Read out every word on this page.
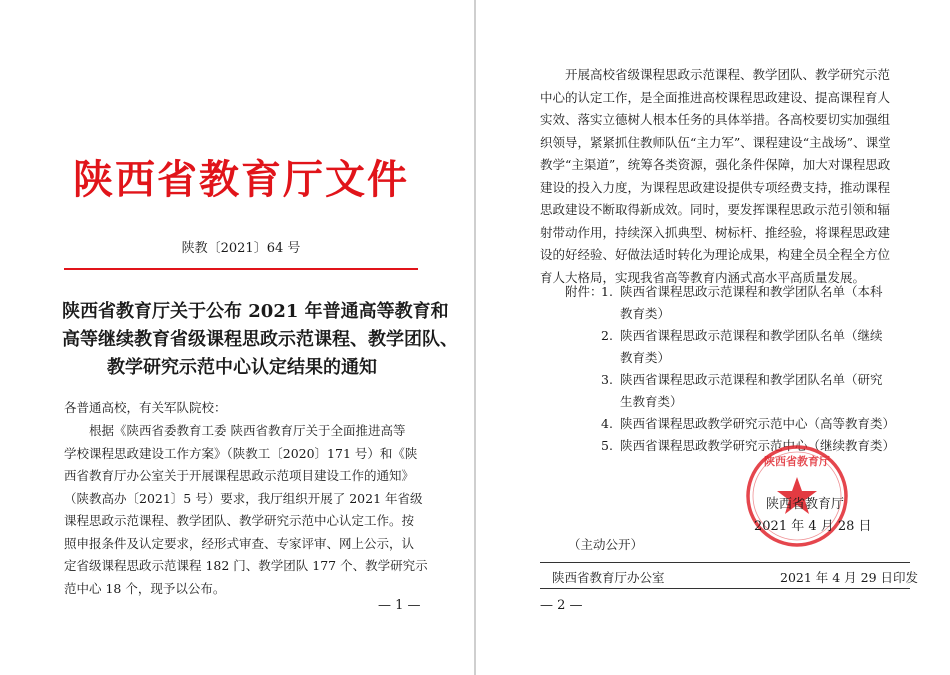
陕西省教育厅文件
陕教〔2021〕64 号
陕西省教育厅关于公布 2021 年普通高等教育和
高等继续教育省级课程思政示范课程、教学团队、
教学研究示范中心认定结果的通知
各普通高校，有关军队院校：
　　根据《陕西省委教育工委 陕西省教育厅关于全面推进高等
学校课程思政建设工作方案》（陕教工〔2020〕171 号）和《陕
西省教育厅办公室关于开展课程思政示范项目建设工作的通知》
（陕教高办〔2021〕5 号）要求，我厅组织开展了 2021 年省级
课程思政示范课程、教学团队、教学研究示范中心认定工作。按
照申报条件及认定要求，经形式审查、专家评审、网上公示，认
定省级课程思政示范课程 182 门、教学团队 177 个、教学研究示
范中心 18 个，现予以公布。
— 1 —
　　开展高校省级课程思政示范课程、教学团队、教学研究示范
中心的认定工作，是全面推进高校课程思政建设、提高课程育人
实效、落实立德树人根本任务的具体举措。各高校要切实加强组
织领导，紧紧抓住教师队伍“主力军”、课程建设“主战场”、课堂
教学“主渠道”，统筹各类资源，强化条件保障，加大对课程思政
建设的投入力度，为课程思政建设提供专项经费支持，推动课程
思政建设不断取得新成效。同时，要发挥课程思政示范引领和辐
射带动作用，持续深入抓典型、树标杆、推经验，将课程思政建
设的好经验、好做法适时转化为理论成果，构建全员全程全方位
育人大格局，实现我省高等教育内涵式高水平高质量发展。
　　附件：
1. 陕西省课程思政示范课程和教学团队名单（本科
教育类）
2. 陕西省课程思政示范课程和教学团队名单（继续
教育类）
3. 陕西省课程思政示范课程和教学团队名单（研究
生教育类）
4. 陕西省课程思政教学研究示范中心（高等教育类）
5. 陕西省课程思政教学研究示范中心（继续教育类）
陕西省教育厅
陕西省教育厅
2021 年 4 月 28 日
（主动公开）
陕西省教育厅办公室	2021 年 4 月 29 日印发
— 2 —
